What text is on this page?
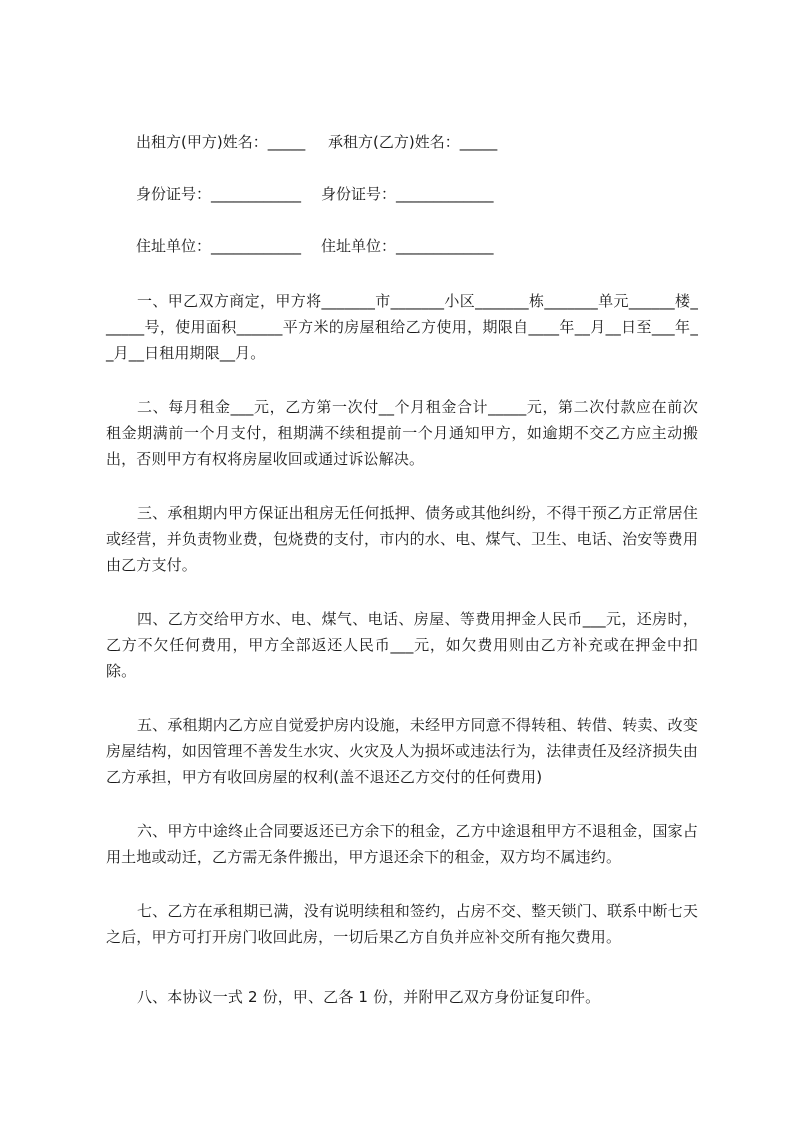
出租方(甲方)姓名：_____ 承租方(乙方)姓名：_____
身份证号：____________ 身份证号：_____________
住址单位：____________ 住址单位：_____________
一、甲乙双方商定，甲方将_______市_______小区_______栋_______单元______楼______号，使用面积______平方米的房屋租给乙方使用，期限自____年__月__日至___年__月__日租用期限__月。
二、每月租金___元，乙方第一次付__个月租金合计_____元，第二次付款应在前次租金期满前一个月支付，租期满不续租提前一个月通知甲方，如逾期不交乙方应主动搬出，否则甲方有权将房屋收回或通过诉讼解决。
三、承租期内甲方保证出租房无任何抵押、债务或其他纠纷，不得干预乙方正常居住或经营，并负责物业费，包烧费的支付，市内的水、电、煤气、卫生、电话、治安等费用由乙方支付。
四、乙方交给甲方水、电、煤气、电话、房屋、等费用押金人民币___元，还房时，乙方不欠任何费用，甲方全部返还人民币___元，如欠费用则由乙方补充或在押金中扣除。
五、承租期内乙方应自觉爱护房内设施，未经甲方同意不得转租、转借、转卖、改变房屋结构，如因管理不善发生水灾、火灾及人为损坏或违法行为，法律责任及经济损失由乙方承担，甲方有收回房屋的权利(盖不退还乙方交付的任何费用)
六、甲方中途终止合同要返还已方余下的租金，乙方中途退租甲方不退租金，国家占用土地或动迁，乙方需无条件搬出，甲方退还余下的租金，双方均不属违约。
七、乙方在承租期已满，没有说明续租和签约，占房不交、整天锁门、联系中断七天之后，甲方可打开房门收回此房，一切后果乙方自负并应补交所有拖欠费用。
八、本协议一式 2 份，甲、乙各 1 份，并附甲乙双方身份证复印件。
